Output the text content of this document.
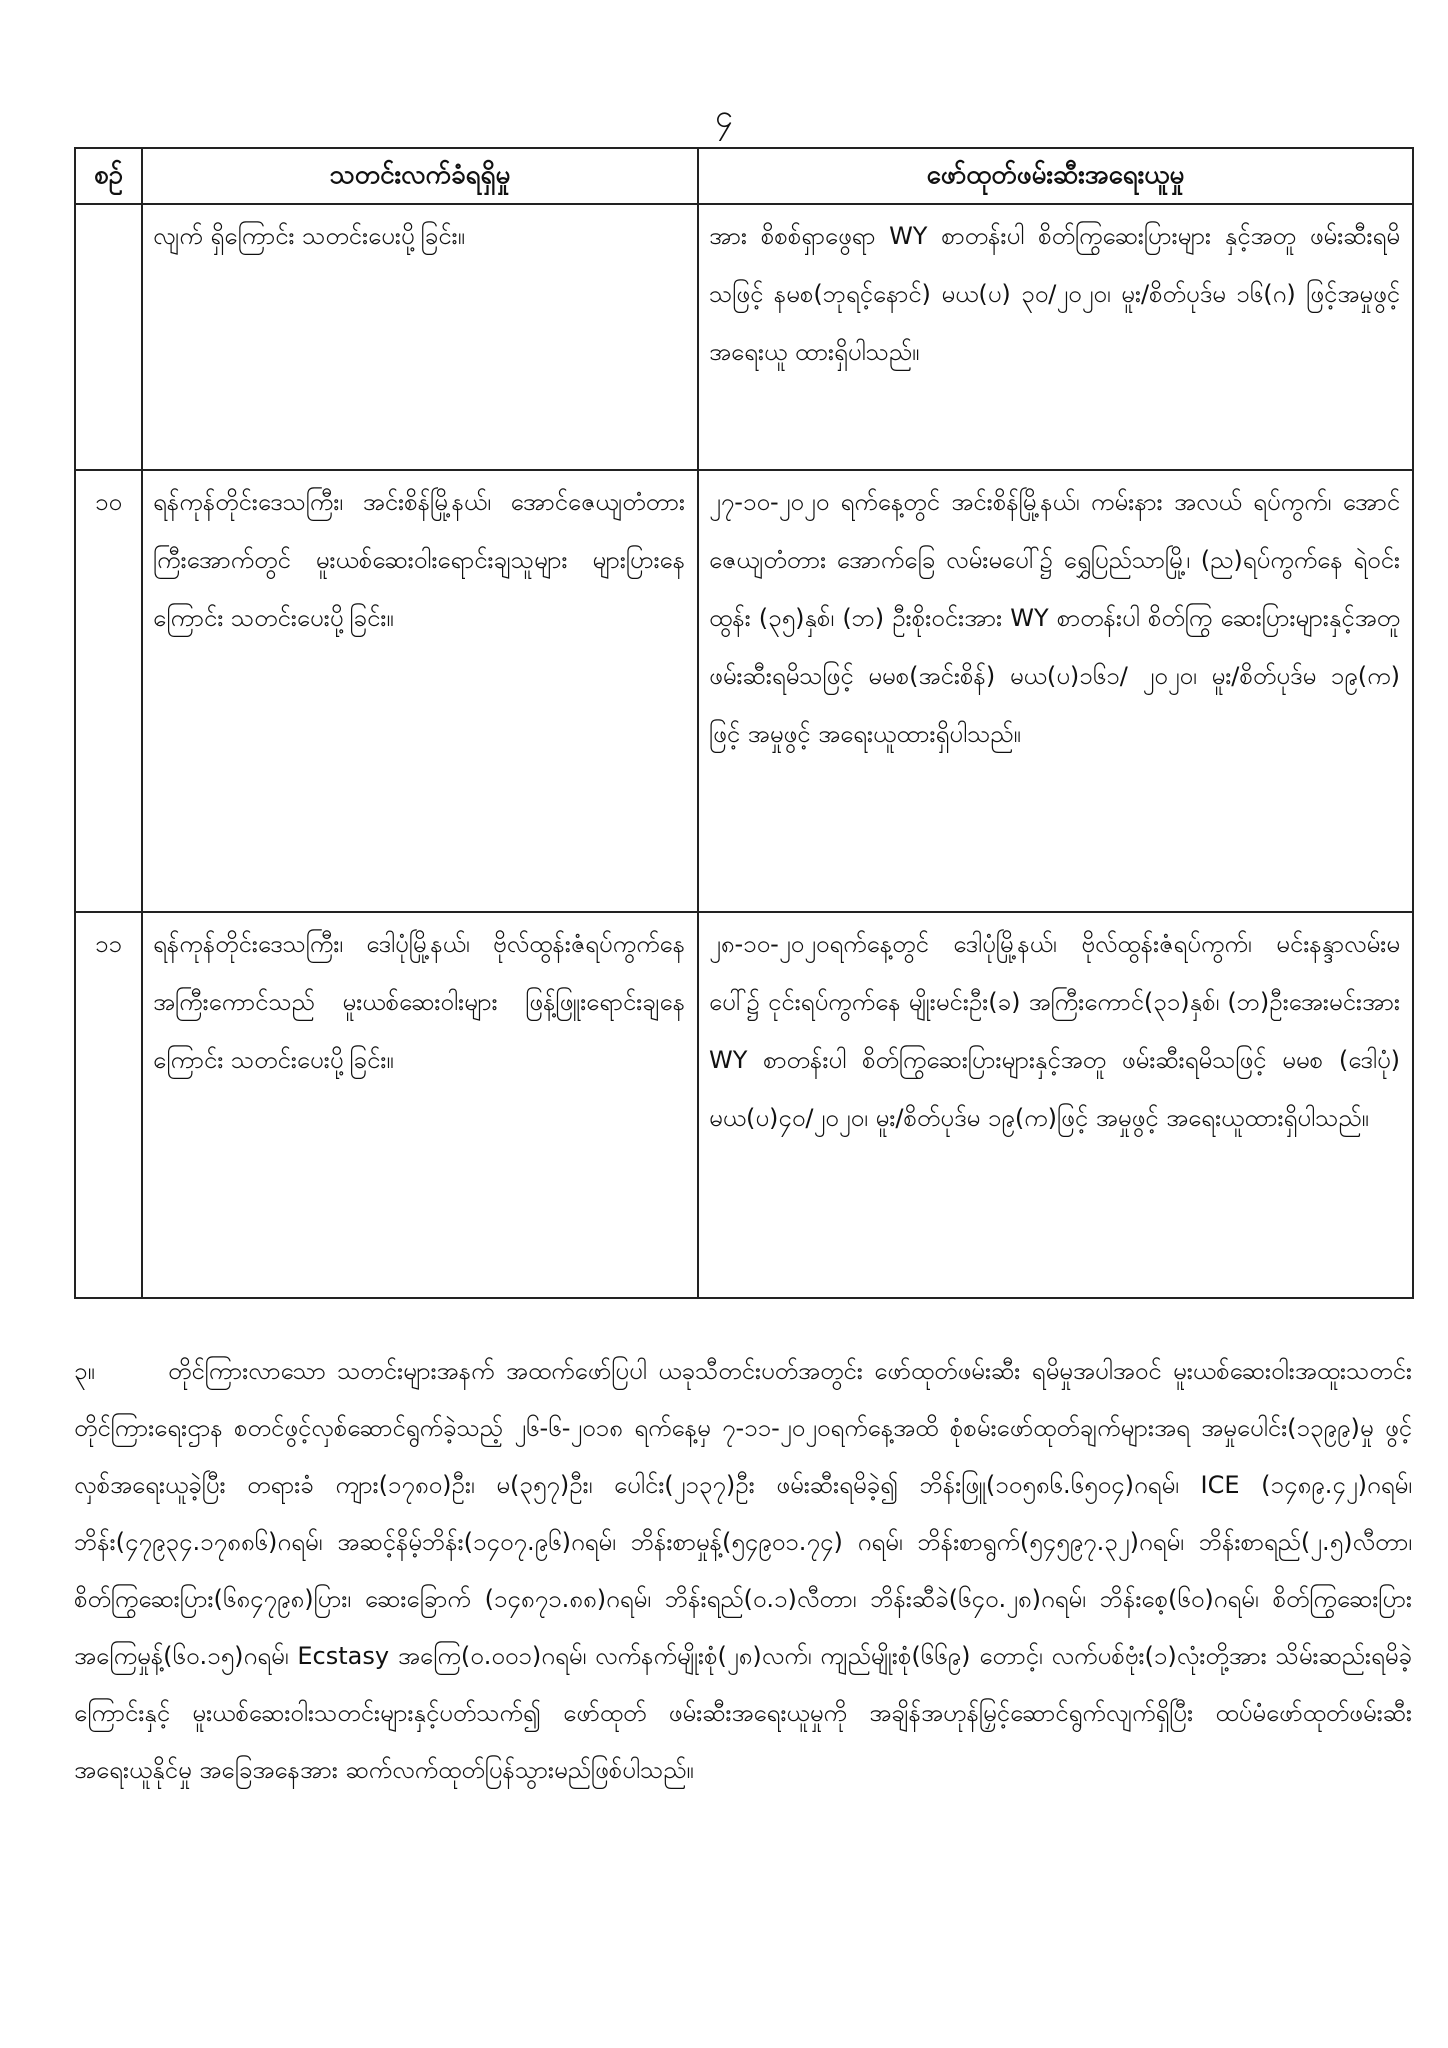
၄
စဉ်	သတင်းလက်ခံရရှိမှု	ဖော်ထုတ်ဖမ်းဆီးအရေးယူမှု
	လျက် ရှိကြောင်း သတင်းပေးပို့ခြင်း။	အား စိစစ်ရှာဖွေရာ WY စာတန်းပါ စိတ်ကြွဆေးပြားများ နှင့်အတူ ဖမ်းဆီးရမိသဖြင့် နမစ(ဘုရင့်နောင်) မယ(ပ) ၃၀/၂၀၂၀၊ မူး/စိတ်ပုဒ်မ ၁၆(ဂ) ဖြင့်အမှုဖွင့် အရေးယူ ထားရှိပါသည်။
၁၀	ရန်ကုန်တိုင်းဒေသကြီး၊ အင်းစိန်မြို့နယ်၊ အောင်ဇေယျတံတားကြီးအောက်တွင် မူးယစ်ဆေးဝါးရောင်းချသူများ များပြားနေကြောင်း သတင်းပေးပို့ခြင်း။	၂၇-၁၀-၂၀၂၀ ရက်နေ့တွင် အင်းစိန်မြို့နယ်၊ ကမ်းနား အလယ် ရပ်ကွက်၊ အောင်ဇေယျတံတား အောက်ခြေ လမ်းမပေါ်၌ ရွှေပြည်သာမြို့၊ (ည)ရပ်ကွက်နေ ရဲဝင်းထွန်း (၃၅)နှစ်၊ (ဘ) ဦးစိုးဝင်းအား WY စာတန်းပါ စိတ်ကြွ ဆေးပြားများနှင့်အတူ ဖမ်းဆီးရမိသဖြင့် မမစ(အင်းစိန်) မယ(ပ)၁၆၁/ ၂၀၂၀၊ မူး/စိတ်ပုဒ်မ ၁၉(က) ဖြင့် အမှုဖွင့် အရေးယူထားရှိပါသည်။
၁၁	ရန်ကုန်တိုင်းဒေသကြီး၊ ဒေါပုံမြို့နယ်၊ ဗိုလ်ထွန်းဇံရပ်ကွက်နေ အကြီးကောင်သည် မူးယစ်ဆေးဝါးများ ဖြန့်ဖြူးရောင်းချနေကြောင်း သတင်းပေးပို့ခြင်း။	၂၈-၁၀-၂၀၂၀ရက်နေ့တွင် ဒေါပုံမြို့နယ်၊ ဗိုလ်ထွန်းဇံရပ်ကွက်၊ မင်းနန္ဒာလမ်းမပေါ်၌ ငုင်းရပ်ကွက်နေ မျိုးမင်းဦး(ခ) အကြီးကောင်(၃၁)နှစ်၊ (ဘ)ဦးအေးမင်းအား WY စာတန်းပါ စိတ်ကြွဆေးပြားများနှင့်အတူ ဖမ်းဆီးရမိသဖြင့် မမစ (ဒေါပုံ) မယ(ပ)၄၀/၂၀၂၀၊ မူး/စိတ်ပုဒ်မ ၁၉(က)ဖြင့် အမှုဖွင့် အရေးယူထားရှိပါသည်။
၃။	တိုင်ကြားလာသော သတင်းများအနက် အထက်ဖော်ပြပါ ယခုသီတင်းပတ်အတွင်း ဖော်ထုတ်ဖမ်းဆီး ရမိမှုအပါအဝင် မူးယစ်ဆေးဝါးအထူးသတင်းတိုင်ကြားရေးဌာန စတင်ဖွင့်လှစ်ဆောင်ရွက်ခဲ့သည့် ၂၆-၆-၂၀၁၈ ရက်နေ့မှ ၇-၁၁-၂၀၂၀ရက်နေ့အထိ စုံစမ်းဖော်ထုတ်ချက်များအရ အမှုပေါင်း(၁၃၉၉)မှု ဖွင့်လှစ်အရေးယူခဲ့ပြီး တရားခံ ကျား(၁၇၈၀)ဦး၊ မ(၃၅၇)ဦး၊ ပေါင်း(၂၁၃၇)ဦး ဖမ်းဆီးရမိခဲ့၍ ဘိန်းဖြူ(၁၀၅၈၆.၆၅၀၄)ဂရမ်၊ ICE (၁၄၈၉.၄၂)ဂရမ်၊ ဘိန်း(၄၇၉၃၄.၁၇၈၈၆)ဂရမ်၊ အဆင့်နိမ့်ဘိန်း(၁၄၀၇.၉၆)ဂရမ်၊ ဘိန်းစာမှုန့်(၅၄၉၀၁.၇၄) ဂရမ်၊ ဘိန်းစာရွက်(၅၄၅၉၇.၃၂)ဂရမ်၊ ဘိန်းစာရည်(၂.၅)လီတာ၊ စိတ်ကြွဆေးပြား(၆၈၄၇၉၈)ပြား၊ ဆေးခြောက် (၁၄၈၇၁.၈၈)ဂရမ်၊ ဘိန်းရည်(၀.၁)လီတာ၊ ဘိန်းဆီခဲ(၆၄၀.၂၈)ဂရမ်၊ ဘိန်းစေ့(၆၀)ဂရမ်၊ စိတ်ကြွဆေးပြား အကြေမှုန့်(၆၀.၁၅)ဂရမ်၊ Ecstasy အကြေ(၀.၀၀၁)ဂရမ်၊ လက်နက်မျိုးစုံ(၂၈)လက်၊ ကျည်မျိုးစုံ(၆၆၉) တောင့်၊ လက်ပစ်ဗုံး(၁)လုံးတို့အား သိမ်းဆည်းရမိခဲ့ကြောင်းနှင့် မူးယစ်ဆေးဝါးသတင်းများနှင့်ပတ်သက်၍ ဖော်ထုတ် ဖမ်းဆီးအရေးယူမှုကို အချိန်အဟုန်မြှင့်ဆောင်ရွက်လျက်ရှိပြီး ထပ်မံဖော်ထုတ်ဖမ်းဆီးအရေးယူနိုင်မှု အခြေအနေအား ဆက်လက်ထုတ်ပြန်သွားမည်ဖြစ်ပါသည်။
